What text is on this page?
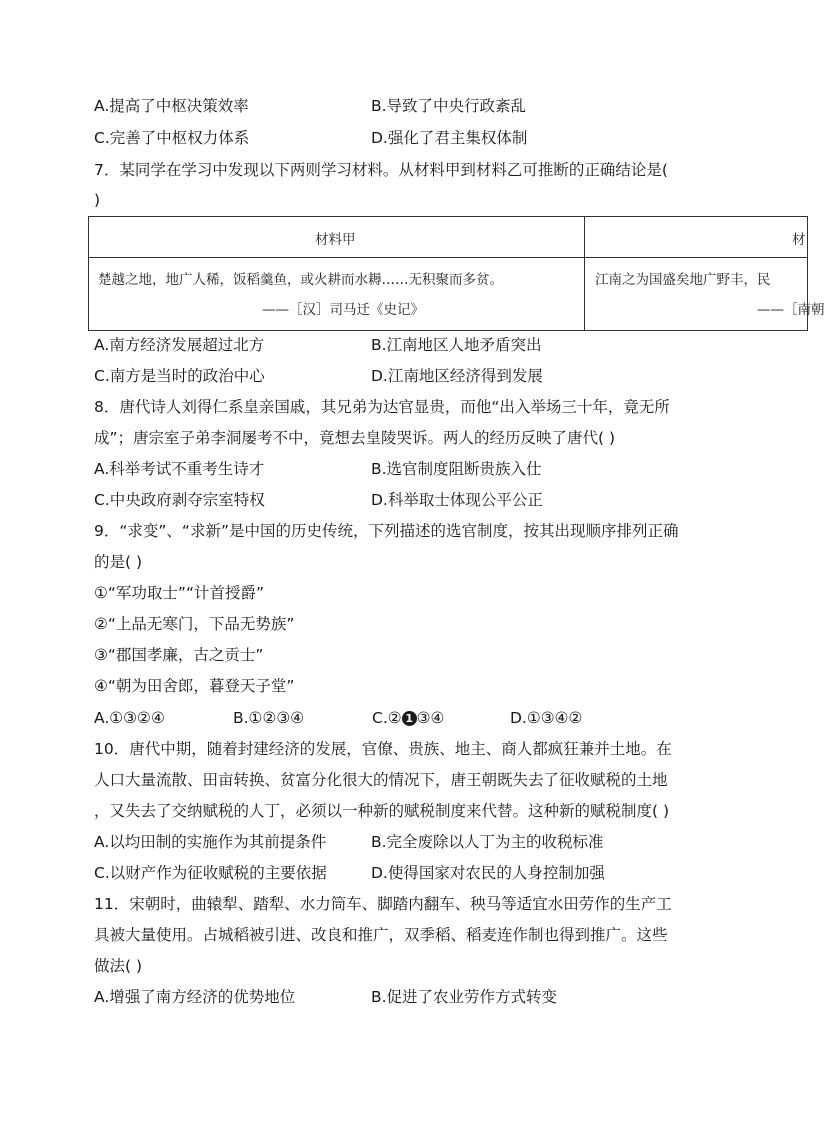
A.提高了中枢决策效率	B.导致了中央行政紊乱
C.完善了中枢权力体系	D.强化了君主集权体制
7．某同学在学习中发现以下两则学习材料。从材料甲到材料乙可推断的正确结论是(
)
材料甲	材
楚越之地，地广人稀，饭稻羹鱼，或火耕而水耨……无积聚而多贫。
——［汉］司马迁《史记》
江南之为国盛矣地广野丰，民
——［南朝
A.南方经济发展超过北方	B.江南地区人地矛盾突出
C.南方是当时的政治中心	D.江南地区经济得到发展
8．唐代诗人刘得仁系皇亲国戚，其兄弟为达官显贵，而他“出入举场三十年，竟无所
成”；唐宗室子弟李洞屡考不中，竟想去皇陵哭诉。两人的经历反映了唐代( )
A.科举考试不重考生诗才	B.选官制度阻断贵族入仕
C.中央政府剥夺宗室特权	D.科举取士体现公平公正
9．“求变”、“求新”是中国的历史传统，下列描述的选官制度，按其出现顺序排列正确
的是( )
①“军功取士”“计首授爵”
②“上品无寒门，下品无势族”
③“郡国孝廉，古之贡士”
④“朝为田舍郎，暮登天子堂”
A.①③②④	B.①②③④	C.② 1 ③④	D.①③④②
10．唐代中期，随着封建经济的发展，官僚、贵族、地主、商人都疯狂兼并土地。在
人口大量流散、田亩转换、贫富分化很大的情况下，唐王朝既失去了征收赋税的土地
，又失去了交纳赋税的人丁，必须以一种新的赋税制度来代替。这种新的赋税制度( )
A.以均田制的实施作为其前提条件	B.完全废除以人丁为主的收税标准
C.以财产作为征收赋税的主要依据	D.使得国家对农民的人身控制加强
11．宋朝时，曲辕犁、踏犁、水力筒车、脚踏内翻车、秧马等适宜水田劳作的生产工
具被大量使用。占城稻被引进、改良和推广，双季稻、稻麦连作制也得到推广。这些
做法( )
A.增强了南方经济的优势地位	B.促进了农业劳作方式转变
